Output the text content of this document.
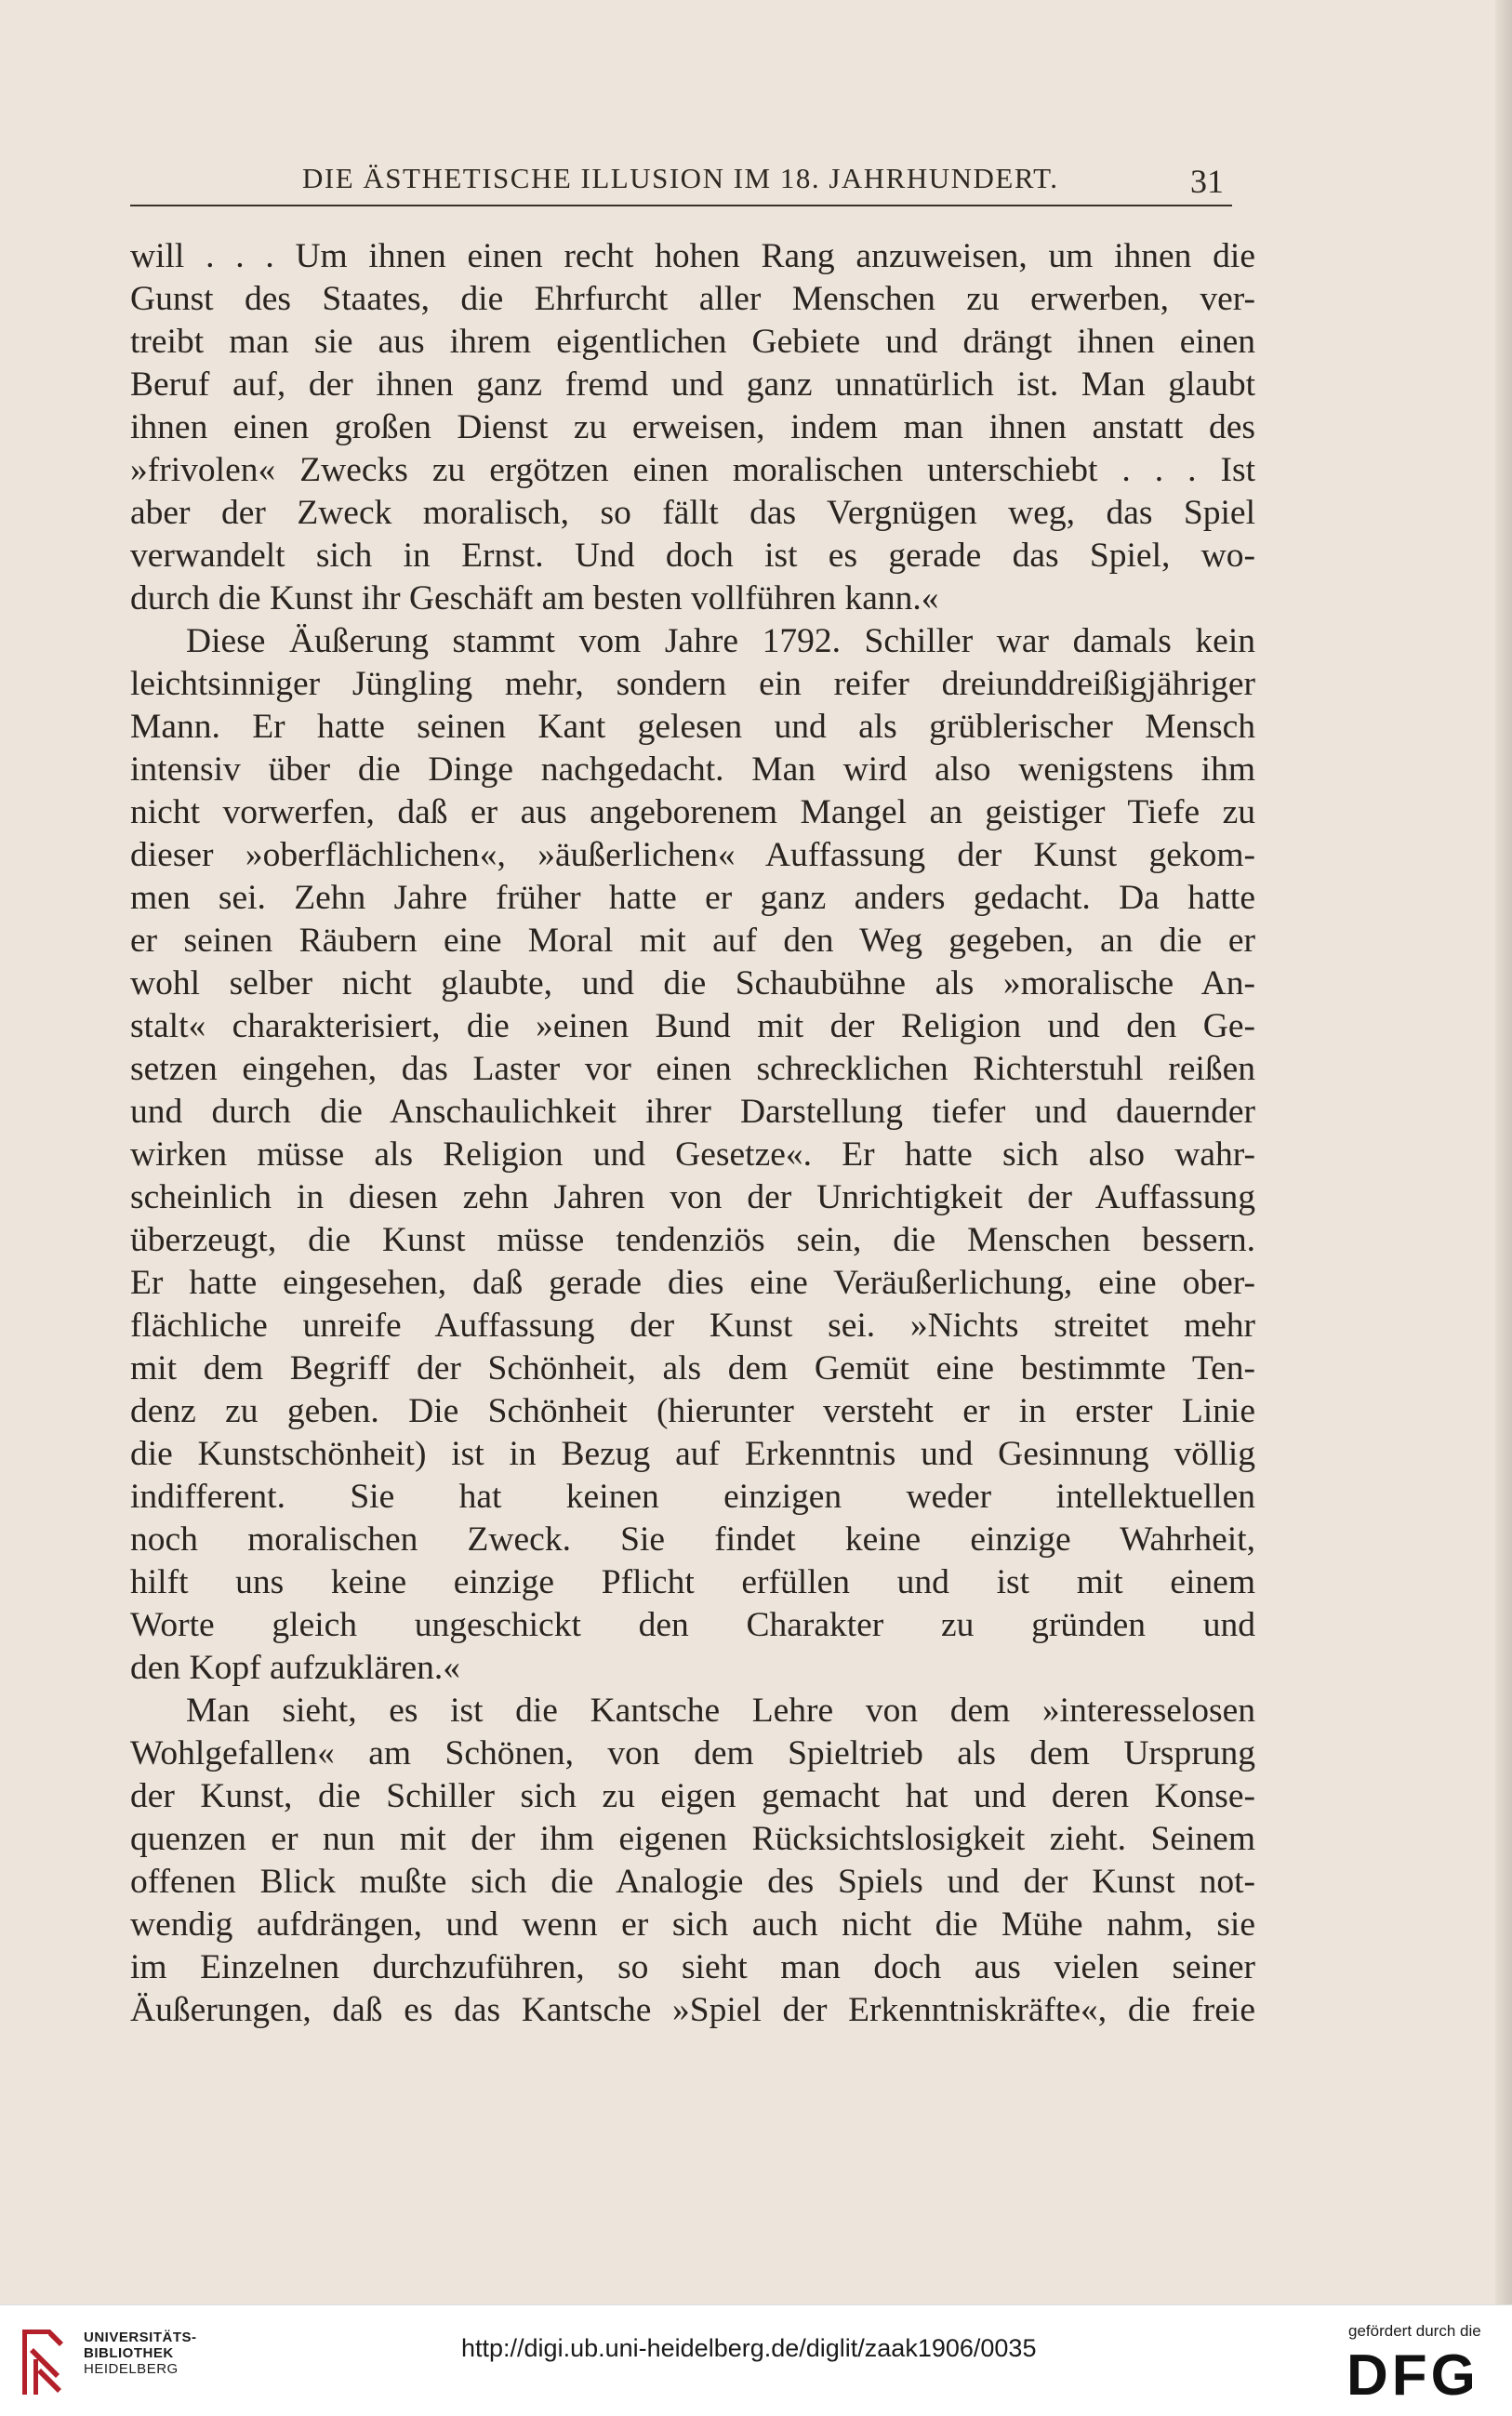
DIE ÄSTHETISCHE ILLUSION IM 18. JAHRHUNDERT.	31
will . . . Um ihnen einen recht hohen Rang anzuweisen, um ihnen die
Gunst des Staates, die Ehrfurcht aller Menschen zu erwerben, ver-
treibt man sie aus ihrem eigentlichen Gebiete und drängt ihnen einen
Beruf auf, der ihnen ganz fremd und ganz unnatürlich ist. Man glaubt
ihnen einen großen Dienst zu erweisen, indem man ihnen anstatt des
»frivolen« Zwecks zu ergötzen einen moralischen unterschiebt . . . Ist
aber der Zweck moralisch, so fällt das Vergnügen weg, das Spiel
verwandelt sich in Ernst. Und doch ist es gerade das Spiel, wo-
durch die Kunst ihr Geschäft am besten vollführen kann.«
Diese Äußerung stammt vom Jahre 1792. Schiller war damals kein
leichtsinniger Jüngling mehr, sondern ein reifer dreiunddreißigjähriger
Mann. Er hatte seinen Kant gelesen und als grüblerischer Mensch
intensiv über die Dinge nachgedacht. Man wird also wenigstens ihm
nicht vorwerfen, daß er aus angeborenem Mangel an geistiger Tiefe zu
dieser »oberflächlichen«, »äußerlichen« Auffassung der Kunst gekom-
men sei. Zehn Jahre früher hatte er ganz anders gedacht. Da hatte
er seinen Räubern eine Moral mit auf den Weg gegeben, an die er
wohl selber nicht glaubte, und die Schaubühne als »moralische An-
stalt« charakterisiert, die »einen Bund mit der Religion und den Ge-
setzen eingehen, das Laster vor einen schrecklichen Richterstuhl reißen
und durch die Anschaulichkeit ihrer Darstellung tiefer und dauernder
wirken müsse als Religion und Gesetze«. Er hatte sich also wahr-
scheinlich in diesen zehn Jahren von der Unrichtigkeit der Auffassung
überzeugt, die Kunst müsse tendenziös sein, die Menschen bessern.
Er hatte eingesehen, daß gerade dies eine Veräußerlichung, eine ober-
flächliche unreife Auffassung der Kunst sei. »Nichts streitet mehr
mit dem Begriff der Schönheit, als dem Gemüt eine bestimmte Ten-
denz zu geben. Die Schönheit (hierunter versteht er in erster Linie
die Kunstschönheit) ist in Bezug auf Erkenntnis und Gesinnung völlig
indifferent. Sie hat keinen einzigen weder intellektuellen
noch moralischen Zweck. Sie findet keine einzige Wahrheit,
hilft uns keine einzige Pflicht erfüllen und ist mit einem
Worte gleich ungeschickt den Charakter zu gründen und
den Kopf aufzuklären.«
Man sieht, es ist die Kantsche Lehre von dem »interesselosen
Wohlgefallen« am Schönen, von dem Spieltrieb als dem Ursprung
der Kunst, die Schiller sich zu eigen gemacht hat und deren Konse-
quenzen er nun mit der ihm eigenen Rücksichtslosigkeit zieht. Seinem
offenen Blick mußte sich die Analogie des Spiels und der Kunst not-
wendig aufdrängen, und wenn er sich auch nicht die Mühe nahm, sie
im Einzelnen durchzuführen, so sieht man doch aus vielen seiner
Äußerungen, daß es das Kantsche »Spiel der Erkenntniskräfte«, die freie
UNIVERSITÄTS-
BIBLIOTHEK
HEIDELBERG
http://digi.ub.uni-heidelberg.de/diglit/zaak1906/0035
gefördert durch die
DFG
